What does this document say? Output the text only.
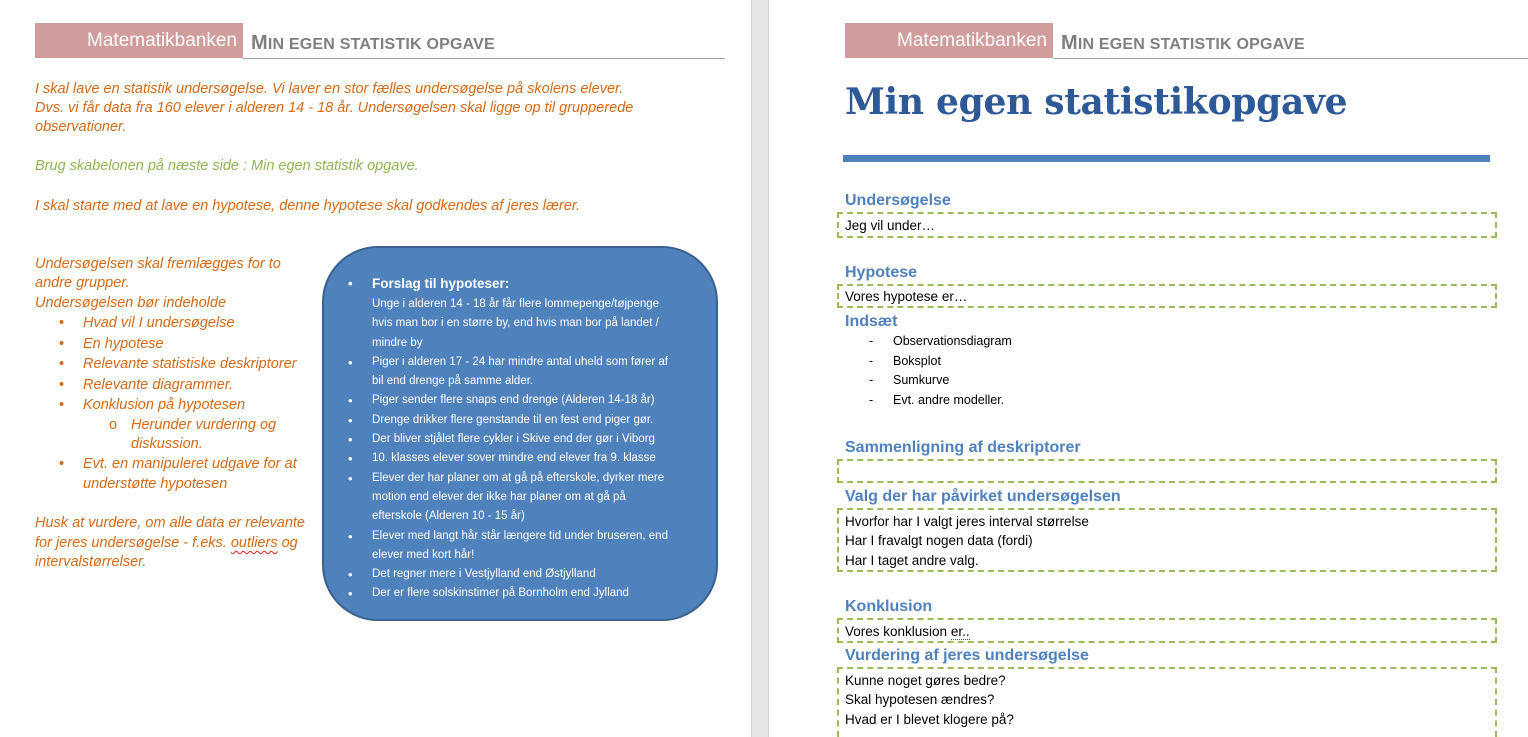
Matematikbanken MIN EGEN STATISTIK OPGAVE
I skal lave en statistik undersøgelse. Vi laver en stor fælles undersøgelse på skolens elever.
Dvs. vi får data fra 160 elever i alderen 14 - 18 år. Undersøgelsen skal ligge op til grupperede
observationer.
Brug skabelonen på næste side : Min egen statistik opgave.
I skal starte med at lave en hypotese, denne hypotese skal godkendes af jeres lærer.
Undersøgelsen skal fremlægges for to
andre grupper.
Undersøgelsen bør indeholde
• Hvad vil I undersøgelse
• En hypotese
• Relevante statistiske deskriptorer
• Relevante diagrammer.
• Konklusion på hypotesen
o Herunder vurdering og
diskussion.
• Evt. en manipuleret udgave for at
understøtte hypotesen
Husk at vurdere, om alle data er relevante
for jeres undersøgelse - f.eks. outliers og
intervalstørrelser.
• Forslag til hypoteser:
Unge i alderen 14 - 18 år får flere lommepenge/tøjpenge
hvis man bor i en større by, end hvis man bor på landet /
mindre by
• Piger i alderen 17 - 24 har mindre antal uheld som fører af
bil end drenge på samme alder.
• Piger sender flere snaps end drenge (Alderen 14-18 år)
• Drenge drikker flere genstande til en fest end piger gør.
• Der bliver stjålet flere cykler i Skive end der gør i Viborg
• 10. klasses elever sover mindre end elever fra 9. klasse
• Elever der har planer om at gå på efterskole, dyrker mere
motion end elever der ikke har planer om at gå på
efterskole (Alderen 10 - 15 år)
• Elever med langt hår står længere tid under bruseren, end
elever med kort hår!
• Det regner mere i Vestjylland end Østjylland
• Der er flere solskinstimer på Bornholm end Jylland
Matematikbanken MIN EGEN STATISTIK OPGAVE
Min egen statistikopgave
Undersøgelse
Jeg vil under…
Hypotese
Vores hypotese er…
Indsæt
- Observationsdiagram
- Boksplot
- Sumkurve
- Evt. andre modeller.
Sammenligning af deskriptorer
Valg der har påvirket undersøgelsen
Hvorfor har I valgt jeres interval størrelse
Har I fravalgt nogen data (fordi)
Har I taget andre valg.
Konklusion
Vores konklusion er..
Vurdering af jeres undersøgelse
Kunne noget gøres bedre?
Skal hypotesen ændres?
Hvad er I blevet klogere på?
